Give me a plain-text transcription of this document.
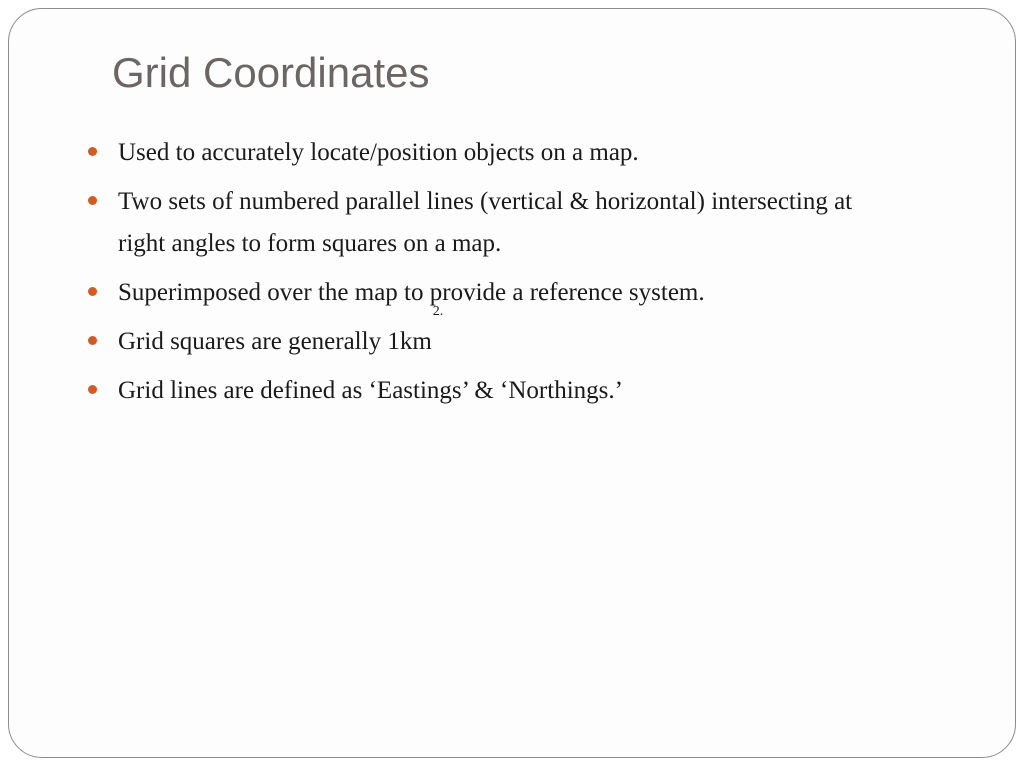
Grid Coordinates
Used to accurately locate/position objects on a map.
Two sets of numbered parallel lines (vertical & horizontal) intersecting at right angles to form squares on a map.
Superimposed over the map to provide a reference system.
Grid squares are generally $1km^{2.}$
Grid lines are defined as ‘Eastings’ & ‘Northings.’
